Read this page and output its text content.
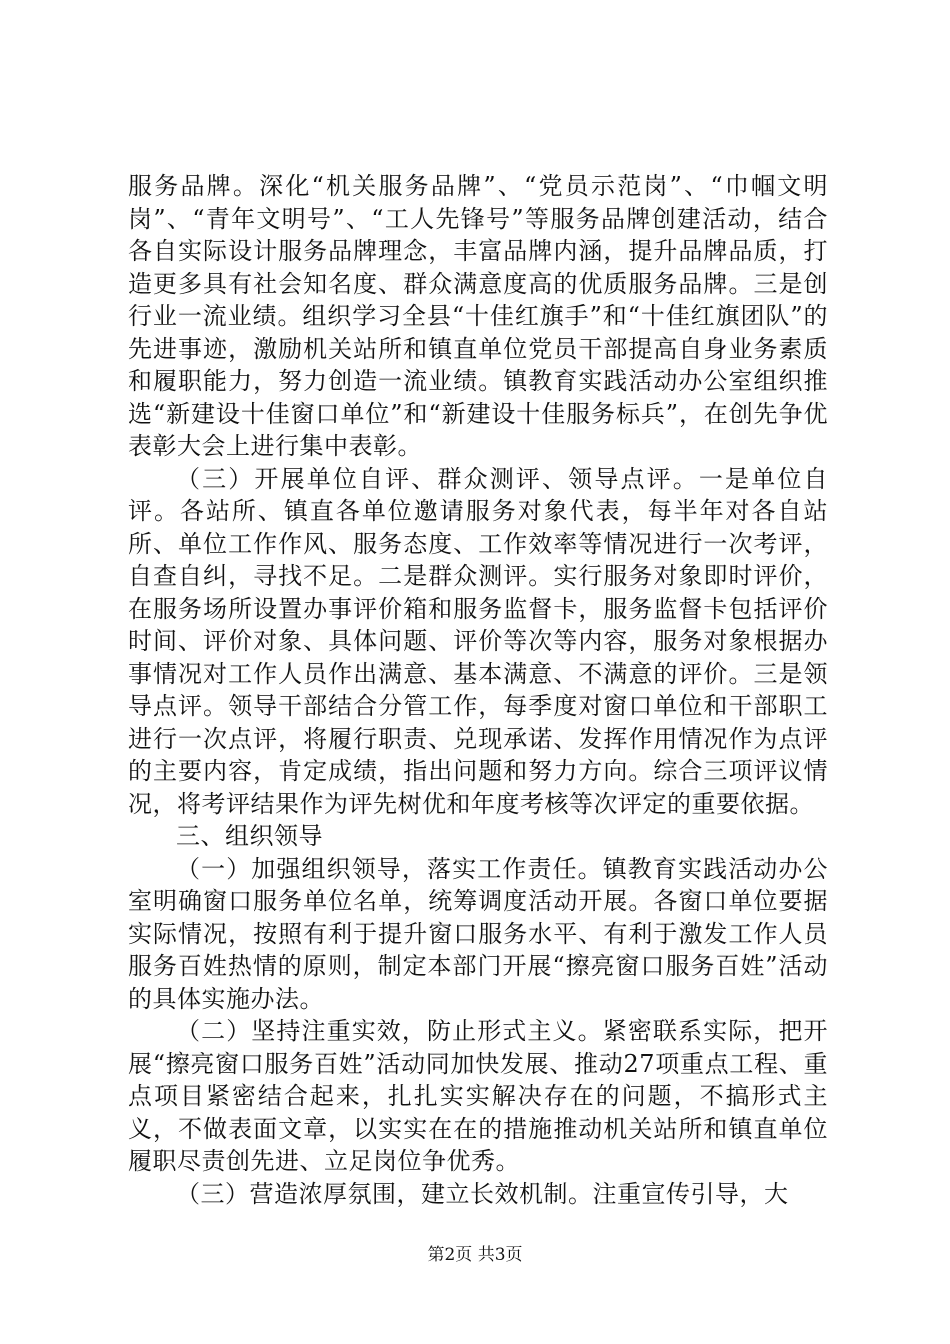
服务品牌。深化“机关服务品牌”、“党员示范岗”、“巾帼文明岗”、“青年文明号”、“工人先锋号”等服务品牌创建活动，结合各自实际设计服务品牌理念，丰富品牌内涵，提升品牌品质，打造更多具有社会知名度、群众满意度高的优质服务品牌。三是创行业一流业绩。组织学习全县“十佳红旗手”和“十佳红旗团队”的先进事迹，激励机关站所和镇直单位党员干部提高自身业务素质和履职能力，努力创造一流业绩。镇教育实践活动办公室组织推选“新建设十佳窗口单位”和“新建设十佳服务标兵”，在创先争优表彰大会上进行集中表彰。

（三）开展单位自评、群众测评、领导点评。一是单位自评。各站所、镇直各单位邀请服务对象代表，每半年对各自站所、单位工作作风、服务态度、工作效率等情况进行一次考评，自查自纠，寻找不足。二是群众测评。实行服务对象即时评价，在服务场所设置办事评价箱和服务监督卡，服务监督卡包括评价时间、评价对象、具体问题、评价等次等内容，服务对象根据办事情况对工作人员作出满意、基本满意、不满意的评价。三是领导点评。领导干部结合分管工作，每季度对窗口单位和干部职工进行一次点评，将履行职责、兑现承诺、发挥作用情况作为点评的主要内容，肯定成绩，指出问题和努力方向。综合三项评议情况，将考评结果作为评先树优和年度考核等次评定的重要依据。

三、组织领导

（一）加强组织领导，落实工作责任。镇教育实践活动办公室明确窗口服务单位名单，统筹调度活动开展。各窗口单位要据实际情况，按照有利于提升窗口服务水平、有利于激发工作人员服务百姓热情的原则，制定本部门开展“擦亮窗口服务百姓”活动的具体实施办法。

（二）坚持注重实效，防止形式主义。紧密联系实际，把开展“擦亮窗口服务百姓”活动同加快发展、推动27项重点工程、重点项目紧密结合起来，扎扎实实解决存在的问题，不搞形式主义，不做表面文章，以实实在在的措施推动机关站所和镇直单位履职尽责创先进、立足岗位争优秀。

（三）营造浓厚氛围，建立长效机制。注重宣传引导，大

第2页 共3页
